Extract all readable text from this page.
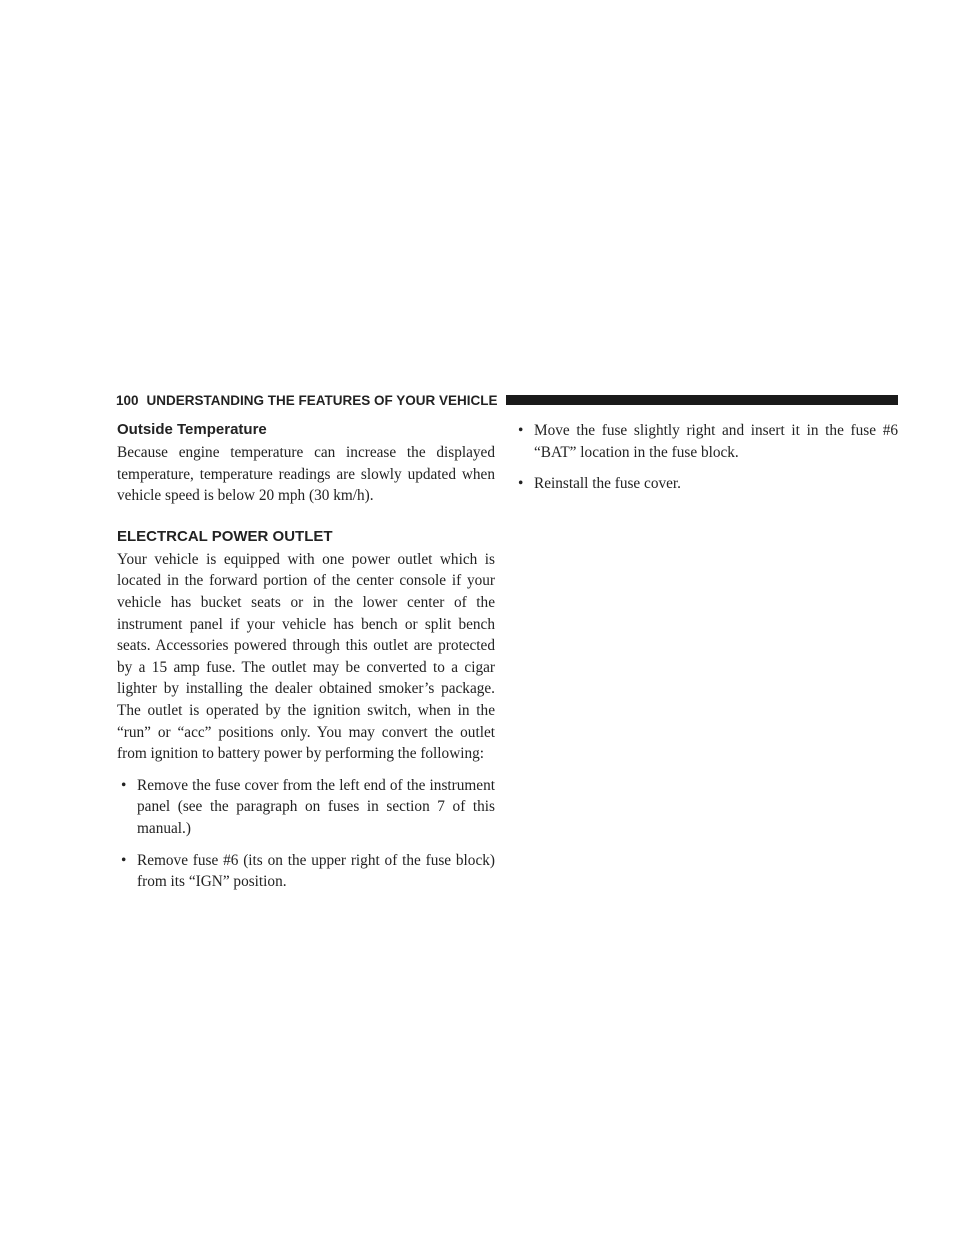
100 UNDERSTANDING THE FEATURES OF YOUR VEHICLE
Outside Temperature

Because engine temperature can increase the displayed temperature, temperature readings are slowly updated when vehicle speed is below 20 mph (30 km/h).

ELECTRCAL POWER OUTLET

Your vehicle is equipped with one power outlet which is located in the forward portion of the center console if your vehicle has bucket seats or in the lower center of the instrument panel if your vehicle has bench or split bench seats. Accessories powered through this outlet are protected by a 15 amp fuse. The outlet may be converted to a cigar lighter by installing the dealer obtained smoker’s package. The outlet is operated by the ignition switch, when in the “run” or “acc” positions only. You may convert the outlet from ignition to battery power by performing the following:

• Remove the fuse cover from the left end of the instrument panel (see the paragraph on fuses in section 7 of this manual.)
• Remove fuse #6 (its on the upper right of the fuse block) from its “IGN” position.
• Move the fuse slightly right and insert it in the fuse #6 “BAT” location in the fuse block.
• Reinstall the fuse cover.
